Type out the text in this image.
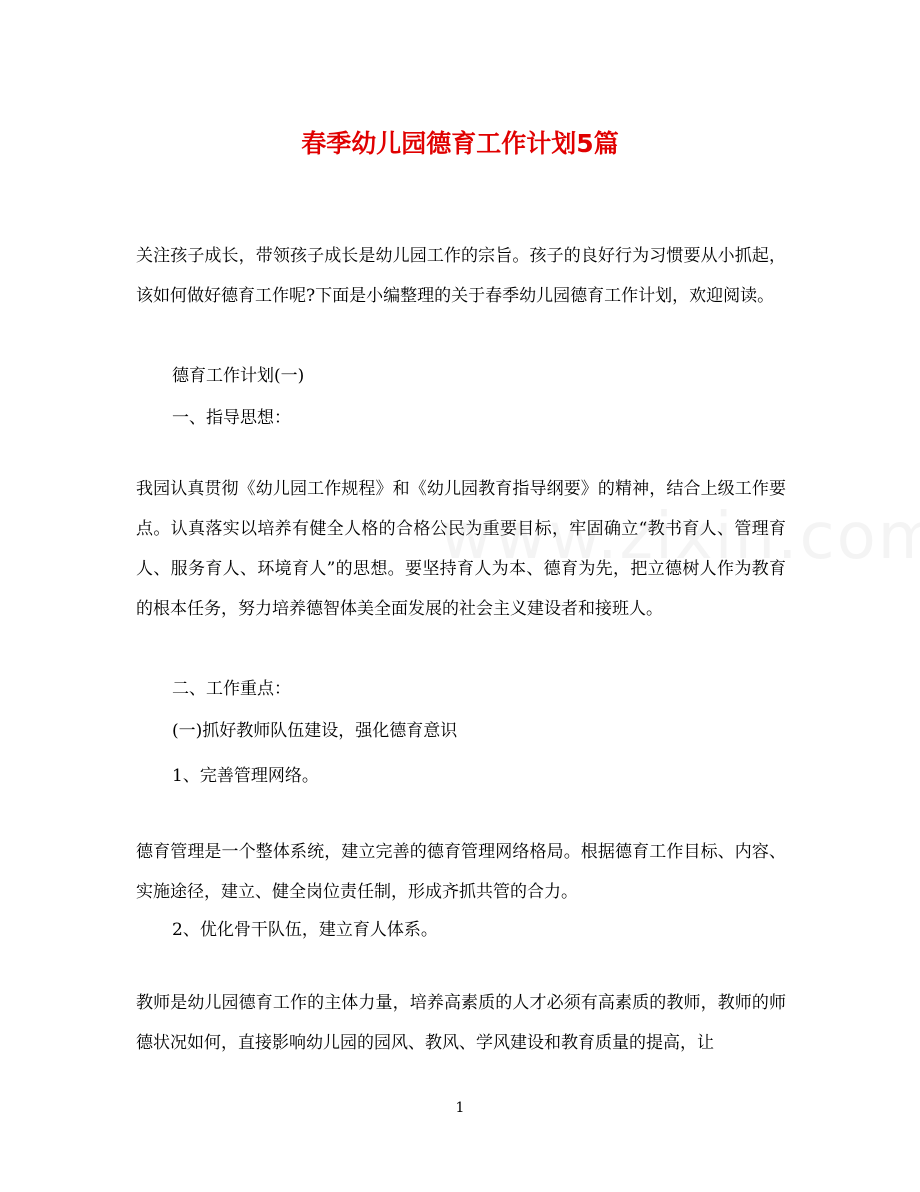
春季幼儿园德育工作计划5篇

关注孩子成长，带领孩子成长是幼儿园工作的宗旨。孩子的良好行为习惯要从小抓起，该如何做好德育工作呢?下面是小编整理的关于春季幼儿园德育工作计划，欢迎阅读。

德育工作计划(一)

一、指导思想：

我园认真贯彻《幼儿园工作规程》和《幼儿园教育指导纲要》的精神，结合上级工作要点。认真落实以培养有健全人格的合格公民为重要目标，牢固确立“教书育人、管理育人、服务育人、环境育人”的思想。要坚持育人为本、德育为先，把立德树人作为教育的根本任务，努力培养德智体美全面发展的社会主义建设者和接班人。

二、工作重点：

(一)抓好教师队伍建设，强化德育意识

1、完善管理网络。

德育管理是一个整体系统，建立完善的德育管理网络格局。根据德育工作目标、内容、实施途径，建立、健全岗位责任制，形成齐抓共管的合力。

2、优化骨干队伍，建立育人体系。

教师是幼儿园德育工作的主体力量，培养高素质的人才必须有高素质的教师，教师的师德状况如何，直接影响幼儿园的园风、教风、学风建设和教育质量的提高，让

1
